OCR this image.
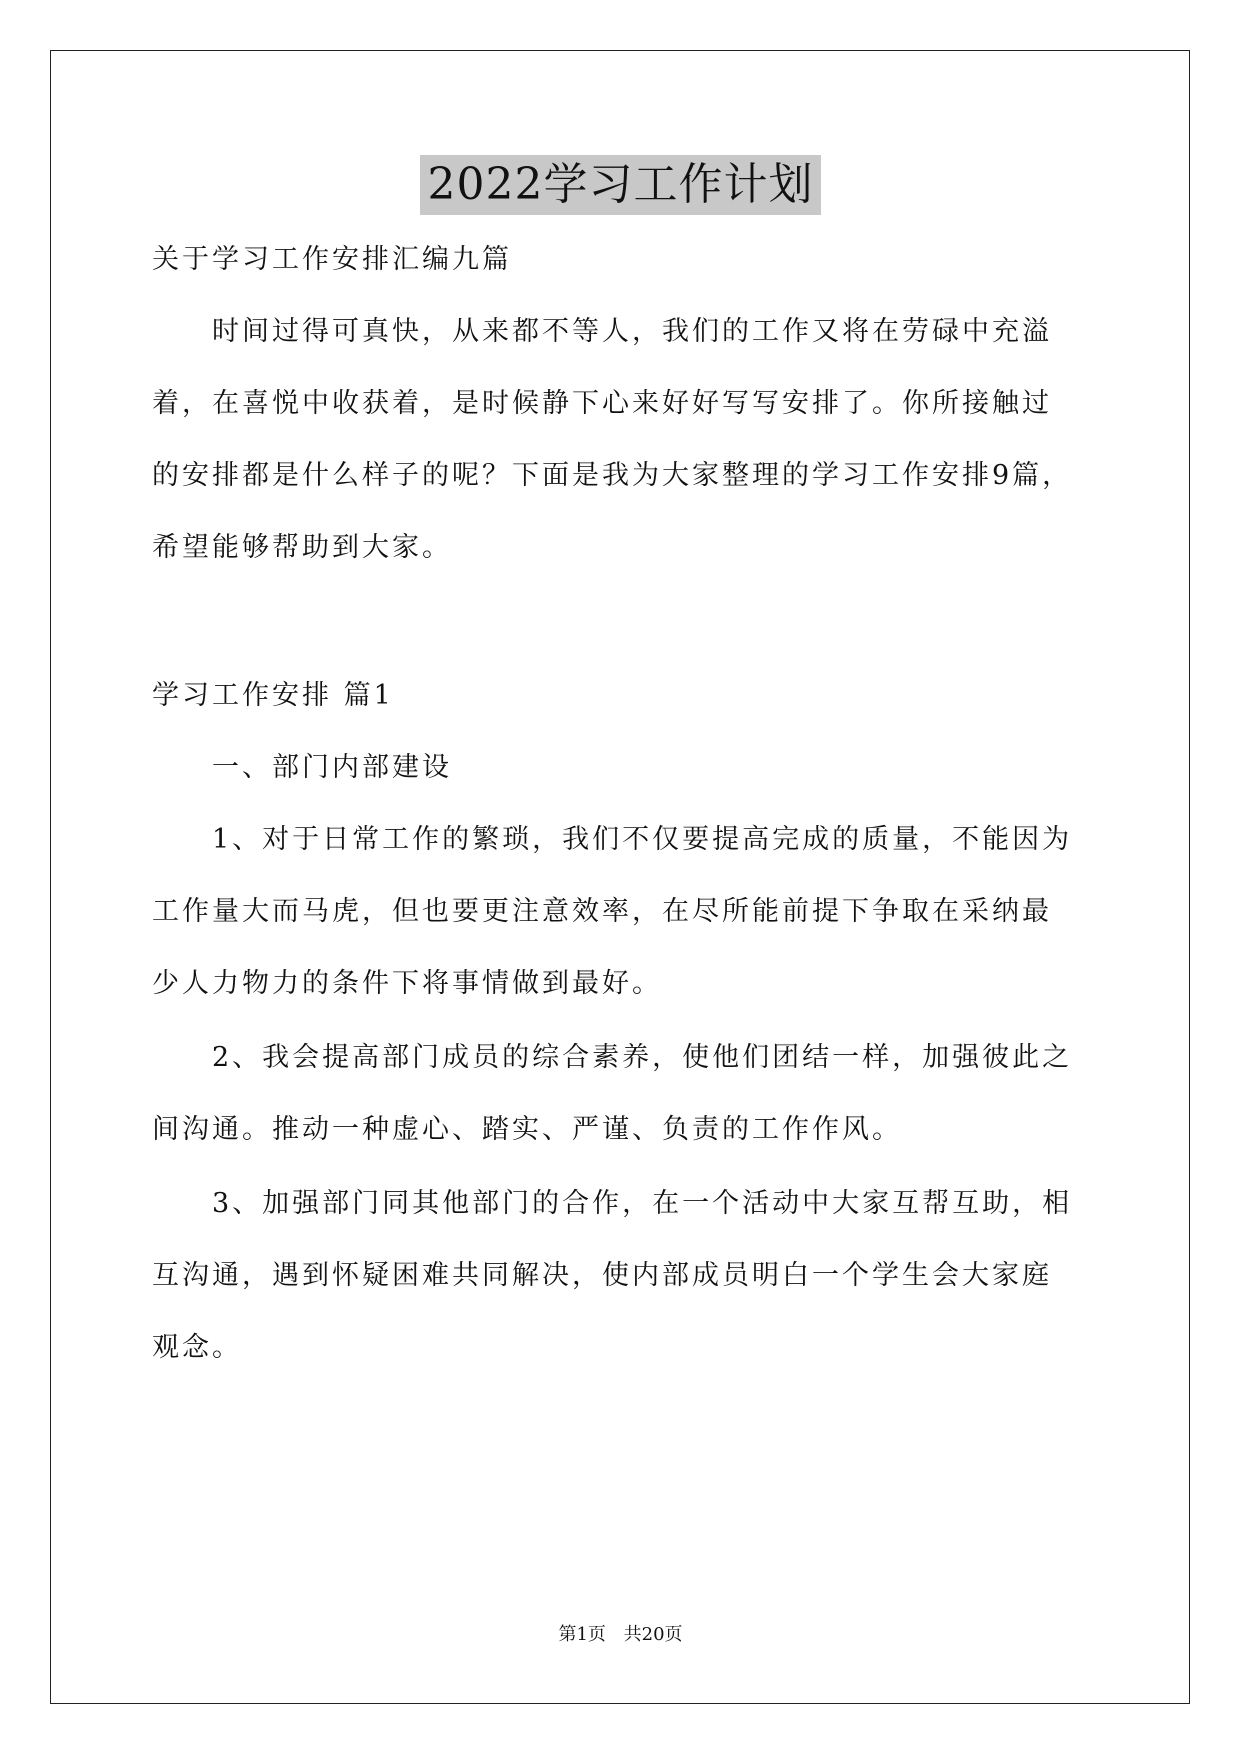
2022学习工作计划
关于学习工作安排汇编九篇
时间过得可真快，从来都不等人，我们的工作又将在劳碌中充溢
着，在喜悦中收获着，是时候静下心来好好写写安排了。你所接触过
的安排都是什么样子的呢？下面是我为大家整理的学习工作安排9篇，
希望能够帮助到大家。
学习工作安排 篇1
一、部门内部建设
1、对于日常工作的繁琐，我们不仅要提高完成的质量，不能因为
工作量大而马虎，但也要更注意效率，在尽所能前提下争取在采纳最
少人力物力的条件下将事情做到最好。
2、我会提高部门成员的综合素养，使他们团结一样，加强彼此之
间沟通。推动一种虚心、踏实、严谨、负责的工作作风。
3、加强部门同其他部门的合作，在一个活动中大家互帮互助，相
互沟通，遇到怀疑困难共同解决，使内部成员明白一个学生会大家庭
观念。
第1页 共20页
